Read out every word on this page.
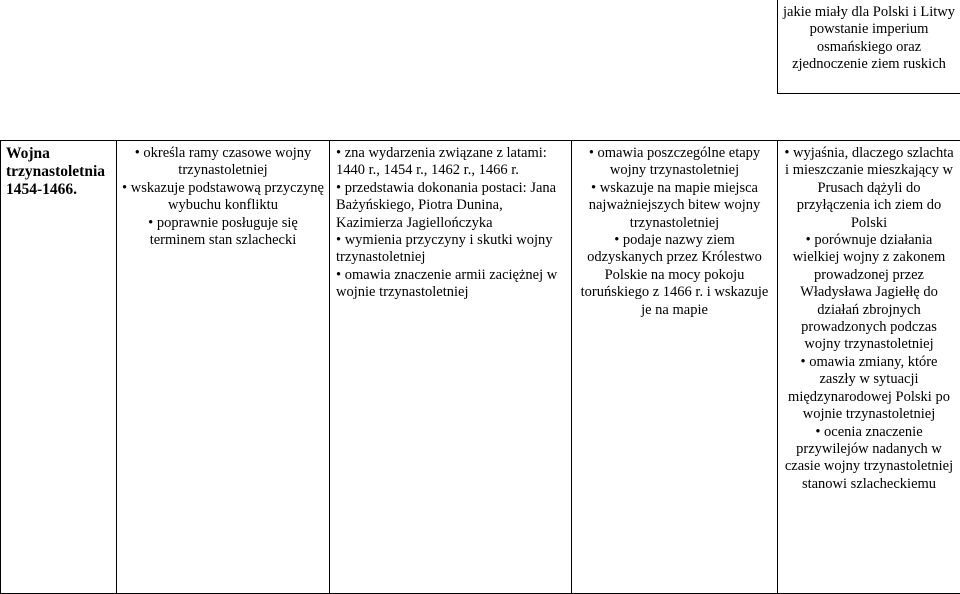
jakie miały dla Polski i Litwy powstanie imperium osmańskiego oraz zjednoczenie ziem ruskich
Wojna trzynastoletnia 1454-1466.
• określa ramy czasowe wojny trzynastoletniej
• wskazuje podstawową przyczynę wybuchu konfliktu
• poprawnie posługuje się terminem stan szlachecki
• zna wydarzenia związane z latami: 1440 r., 1454 r., 1462 r., 1466 r.
• przedstawia dokonania postaci: Jana Bażyńskiego, Piotra Dunina, Kazimierza Jagiellończyka
• wymienia przyczyny i skutki wojny trzynastoletniej
• omawia znaczenie armii zaciężnej w wojnie trzynastoletniej
• omawia poszczególne etapy wojny trzynastoletniej
• wskazuje na mapie miejsca najważniejszych bitew wojny trzynastoletniej
• podaje nazwy ziem odzyskanych przez Królestwo Polskie na mocy pokoju toruńskiego z 1466 r. i wskazuje je na mapie
• wyjaśnia, dlaczego szlachta i mieszczanie mieszkający w Prusach dążyli do przyłączenia ich ziem do Polski
• porównuje działania wielkiej wojny z zakonem prowadzonej przez Władysława Jagiełłę do działań zbrojnych prowadzonych podczas wojny trzynastoletniej
• omawia zmiany, które zaszły w sytuacji międzynarodowej Polski po wojnie trzynastoletniej
• ocenia znaczenie przywilejów nadanych w czasie wojny trzynastoletniej stanowi szlacheckiemu
